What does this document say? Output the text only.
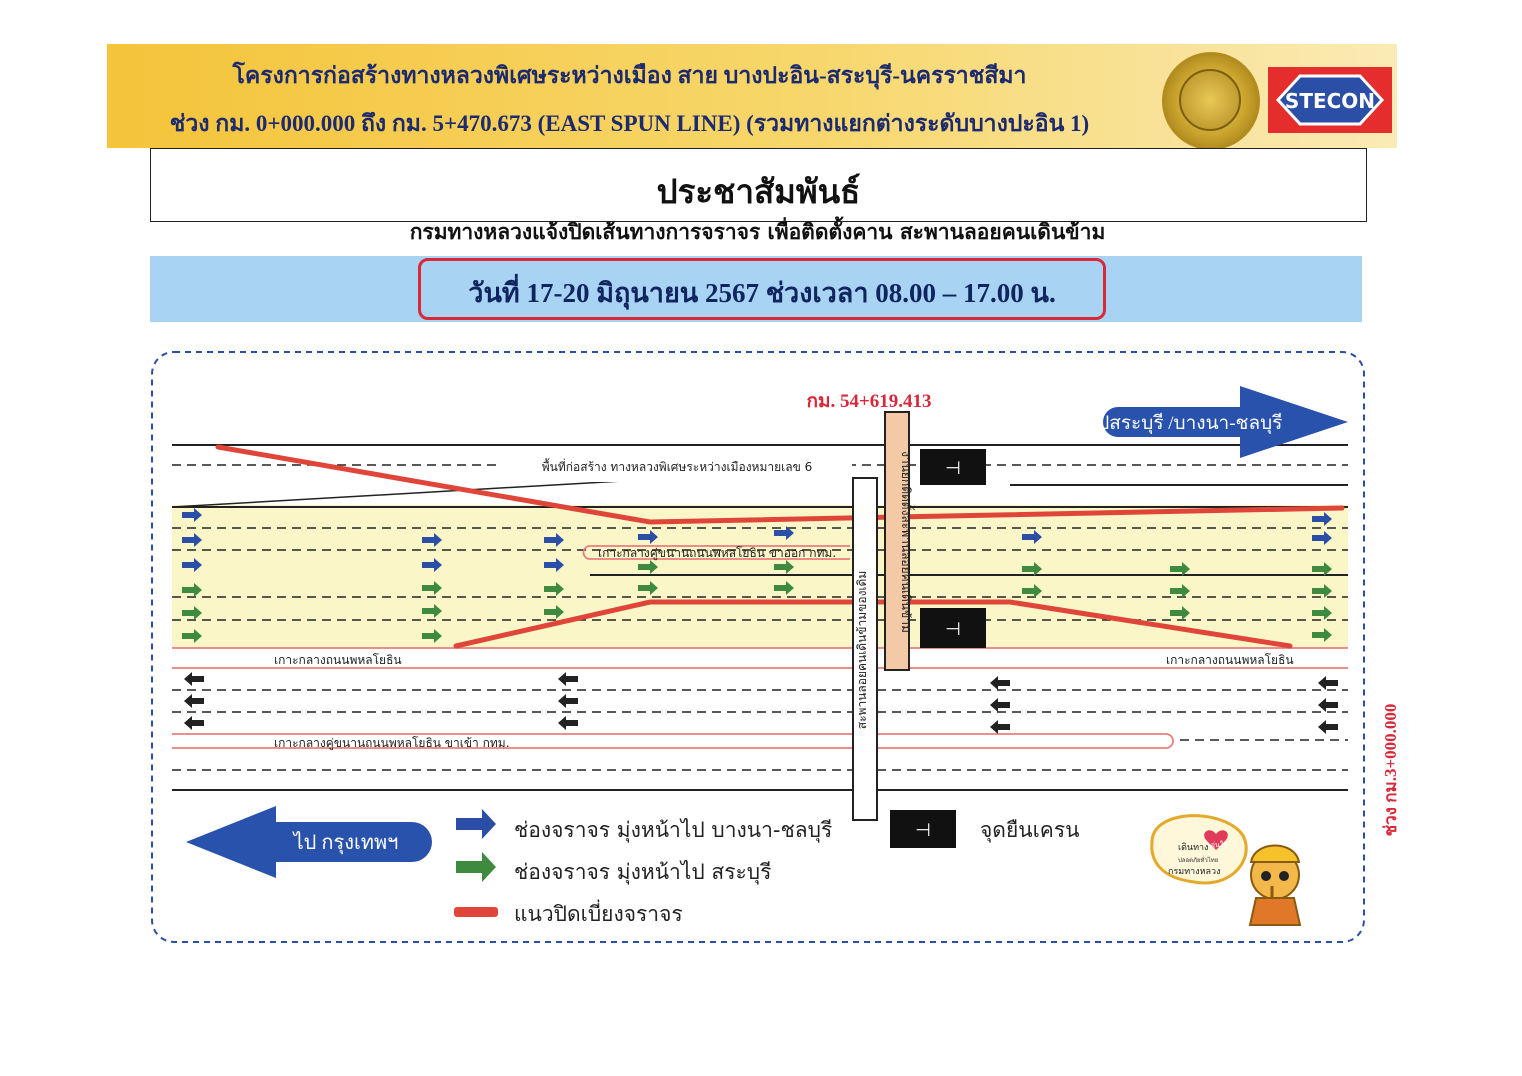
โครงการก่อสร้างทางหลวงพิเศษระหว่างเมือง สาย บางปะอิน-สระบุรี-นครราชสีมา
ช่วง กม. 0+000.000 ถึง กม. 5+470.673 (EAST SPUN LINE) (รวมทางแยกต่างระดับบางปะอิน 1)
STECON
ประชาสัมพันธ์
กรมทางหลวงแจ้งปิดเส้นทางการจราจร เพื่อติดตั้งคาน สะพานลอยคนเดินข้าม
วันที่ 17-20 มิถุนายน 2567 ช่วงเวลา 08.00 – 17.00 น.
พื้นที่ก่อสร้าง ทางหลวงพิเศษระหว่างเมืองหมายเลข 6
เกาะกลางคู่ขนานถนนพหลโยธิน ขาออก กทม.
เกาะกลางถนนพหลโยธิน	เกาะกลางถนนพหลโยธิน
เกาะกลางคู่ขนานถนนพหลโยธิน ขาเข้า กทม.
กม. 54+619.413
ไปสระบุรี /บางนา-ชลบุรี
งานยกติดตั้งสะพานลอยคนเดินข้าม
สะพานลอยคนเดินข้ามของเดิม
⊣
⊣
ไป กรุงเทพฯ
⊣
เดินทาง อุ่นใจ
ปลอดภัยทั่วไทย
กรมทางหลวง
ช่วง กม.3+000.000
ช่องจราจร มุ่งหน้าไป บางนา-ชลบุรี
ช่องจราจร มุ่งหน้าไป สระบุรี
แนวปิดเบี่ยงจราจร
จุดยืนเครน
